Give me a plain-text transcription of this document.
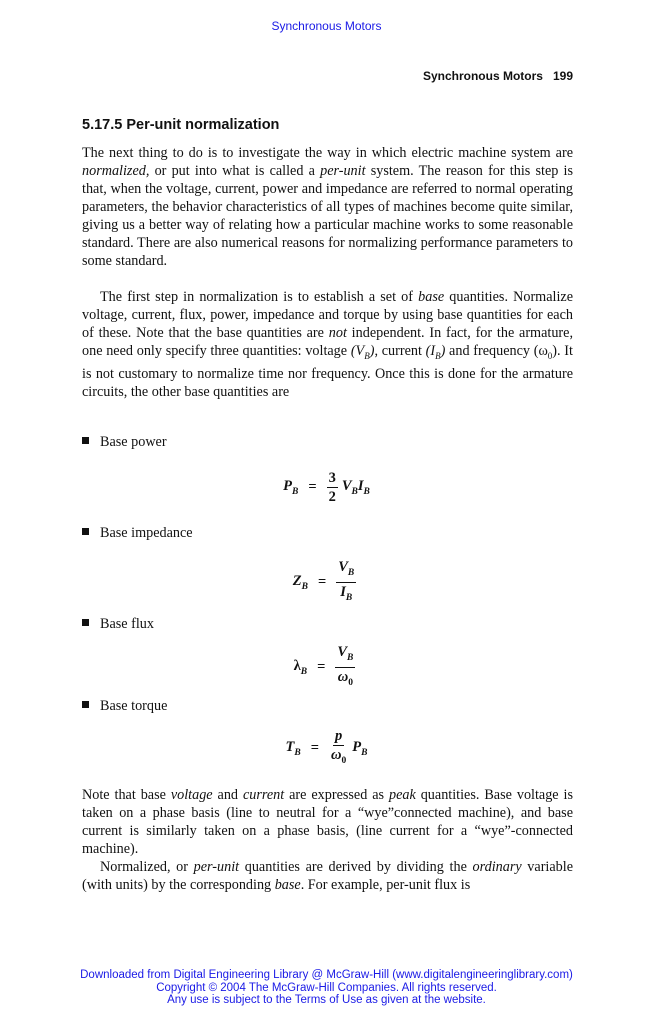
Synchronous Motors
Synchronous Motors 199
5.17.5 Per-unit normalization

The next thing to do is to investigate the way in which electric machine system are normalized, or put into what is called a per-unit system. The reason for this step is that, when the voltage, current, power and impedance are referred to normal operating parameters, the behavior characteristics of all types of machines become quite similar, giving us a better way of relating how a particular machine works to some reasonable standard. There are also numerical reasons for normalizing performance parameters to some standard.

The first step in normalization is to establish a set of base quantities. Normalize voltage, current, flux, power, impedance and torque by using base quantities for each of these. Note that the base quantities are not independent. In fact, for the armature, one need only specify three quantities: voltage $(V_B)$, current $(I_B)$ and frequency $(\omega_0)$. It is not customary to normalize time nor frequency. Once this is done for the armature circuits, the other base quantities are

Base power
$P_B = \frac{3}{2} V_BI_B$
Base impedance
$Z_B = \frac{V_B}{I_B}$
Base flux
$\lambda_B = \frac{V_B}{\omega_0}$
Base torque
$T_B = \frac{p}{\omega_0} P_B$

Note that base voltage and current are expressed as peak quantities. Base voltage is taken on a phase basis (line to neutral for a “wye”connected machine), and base current is similarly taken on a phase basis, (line current for a “wye”-connected machine).

Normalized, or per-unit quantities are derived by dividing the ordinary variable (with units) by the corresponding base. For example, per-unit flux is

Downloaded from Digital Engineering Library @ McGraw-Hill (www.digitalengineeringlibrary.com)
Copyright © 2004 The McGraw-Hill Companies. All rights reserved.
Any use is subject to the Terms of Use as given at the website.
